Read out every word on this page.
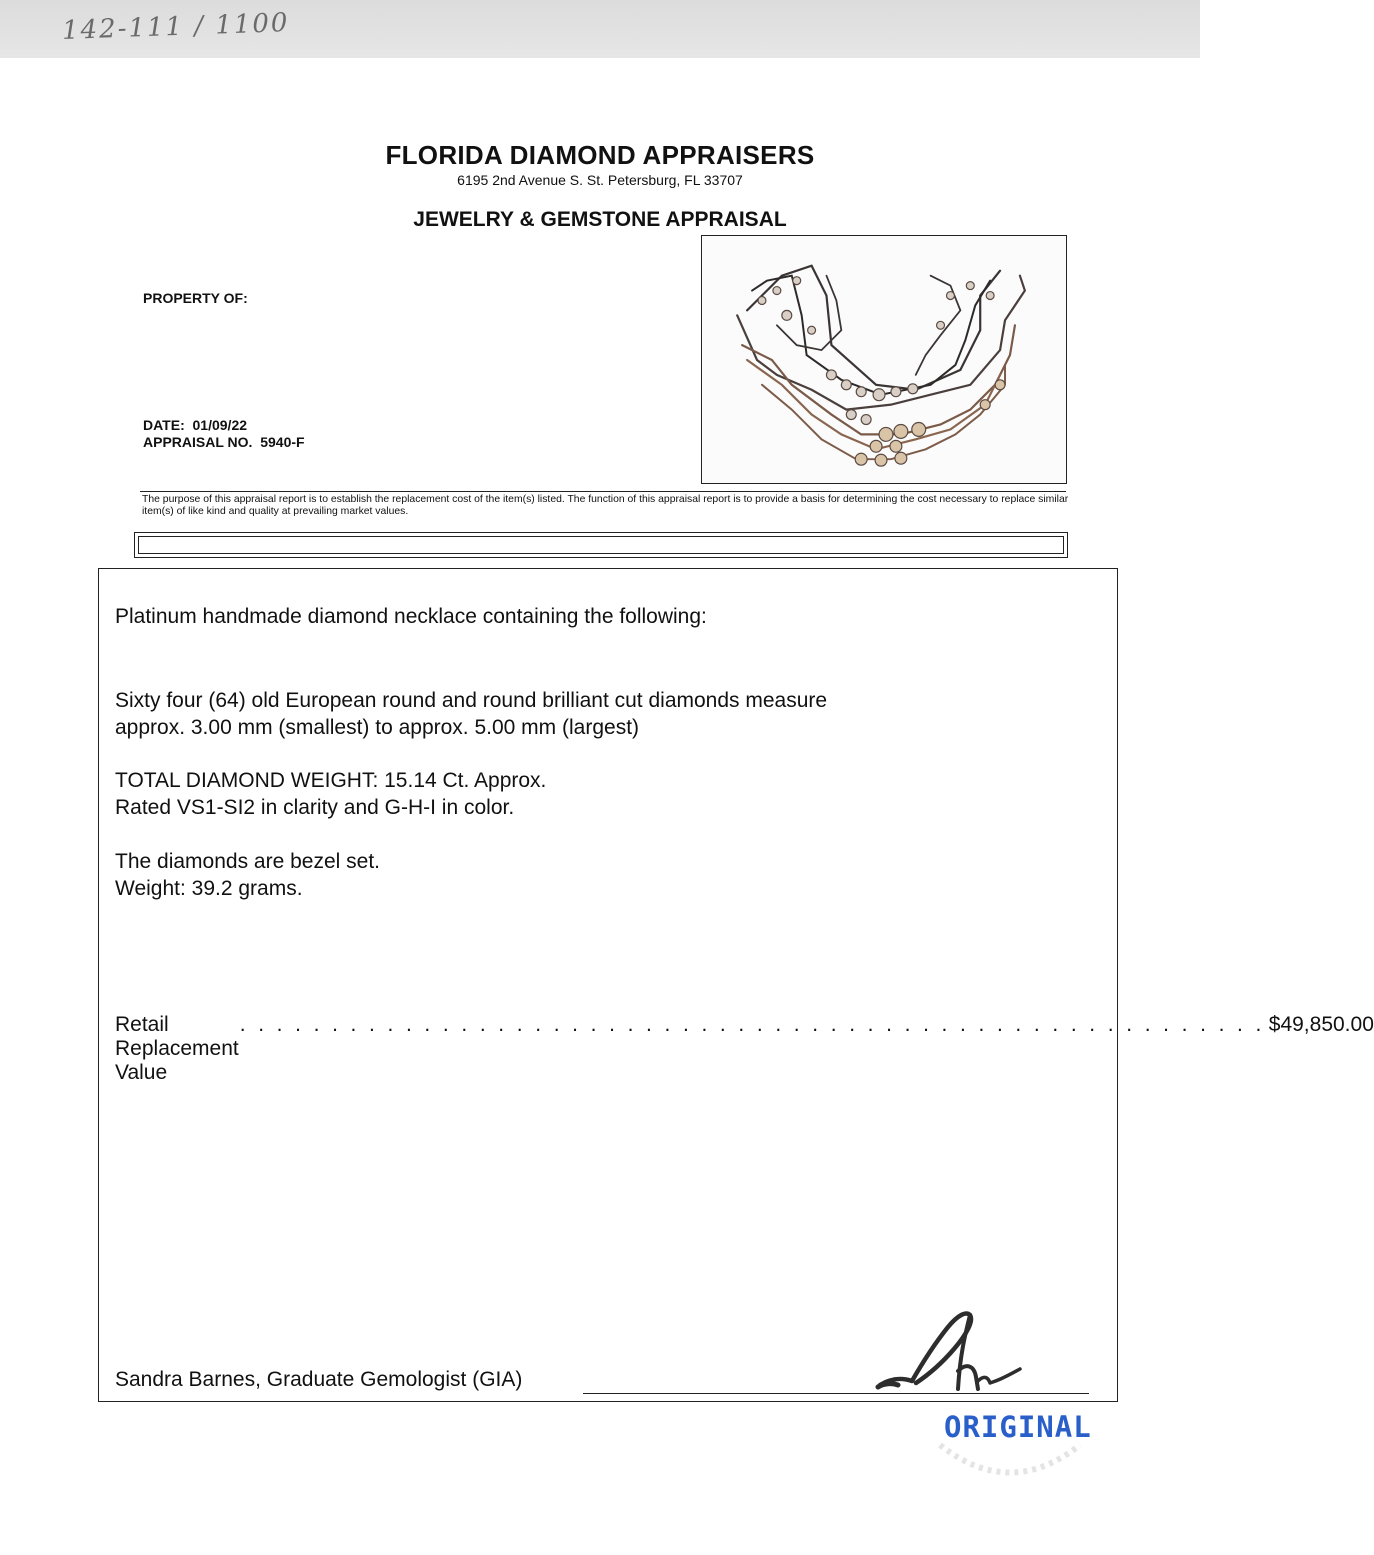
142-111 / 1100
FLORIDA DIAMOND APPRAISERS
6195 2nd Avenue S. St. Petersburg, FL 33707
JEWELRY & GEMSTONE APPRAISAL
PROPERTY OF:
DATE: 01/09/22
APPRAISAL NO. 5940-F
The purpose of this appraisal report is to establish the replacement cost of the item(s) listed. The function of this appraisal report is to provide a basis for determining the cost necessary to replace similar item(s) of like kind and quality at prevailing market values.
Platinum handmade diamond necklace containing the following:
Sixty four (64) old European round and round brilliant cut diamonds measure
approx. 3.00 mm (smallest) to approx. 5.00 mm (largest)
TOTAL DIAMOND WEIGHT: 15.14 Ct. Approx.
Rated VS1-SI2 in clarity and G-H-I in color.
The diamonds are bezel set.
Weight: 39.2 grams.
Retail Replacement Value
. . . . . . . . . . . . . . . . . . . . . . . . . . . . . . . . . . . . . . . . . . . . . . . . . . . . . . . . $49,850.00
Sandra Barnes, Graduate Gemologist (GIA)
ORIGINAL
